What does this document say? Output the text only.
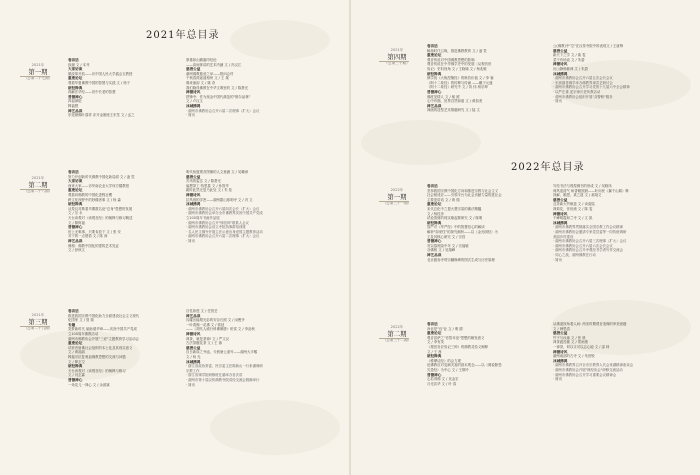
2021年总目录
2021年
第一期
（总第二十七期）
卷首语
致谢 文 / 本刊
大家访谈
做改革开放——访中国人民大学盛会玉教授
重要论坛
观看华夏佛教中国的智慧与实践 文 / 杨子
研经释典
再解法华经——初中长老的智慧
普德禅心
四祖禅院
释福慧
禅艺品读
东莞寮佛叶慕祥 亦开金刚座王东笙 文 / 孟之
厚重如山鹏迦印经论
——高间掌讲的艺术内涵 文 / 冯汉江
慈善公益
湖州佛教慈爱之举——慰问会村
干秋春湾遥遥相州 文 / 王 晟
佛来童韵 文 / 姚 奇
我们晓得佛教在中华文明里的 文 / 陈萧光
禅德诗风
铁锋寺：作为现金中国代典范的"都尔品林"
文 / 卢汉文
冰城拂鸿
· 湖州市佛教协会召开六届二次理事（扩大）会议
· 简讯
2021年
第二期
（总第二十八期）
卷首语
努力开创新时代佛教中国化新局面 文 / 凌 觉
大家访谈
西来大家——访华南农业大学何方耀教授
重要论坛
观看向佛教的中国化进程社稷
跨文化视野中的妙臻者事 文 / 杨 森
研经释典
从梵汉对勘看早期数名论"总身"思想的发展
文 / 宗 永
天台读观对《读观音经》的阐释与修习概述
文 / 释阿福
普德禅心
世上无难事，只要肯放下 文 / 张 安
对于的一点感悟 文 / 陈 涛
禅艺品读
佛相：佛教中国化的建筑艺术见证
文 / 彭秋文
明代鱼篮观音图像的人文意涵 文 / 吴曦涛
慈善公益
苏讯的姿态 文 / 陈萧光
偏想茶工·待思慕 文 / 孙智华
跳时此然无复乃此处 文 / 朱 桂
禅德诗风
拉风现的洋密——湖州霍山寒明寺 文 / 冯 文
冰城拂鸿
· 湖州市佛教协会召开六届四次会长（扩大）会议
· 湖州市佛教协会举办全市佛教界庆祝中国共产党成
立100周年书画作品展
· 湖州市佛教协会召开"铸信仰"联系人会议
· 湖州市佛教协会设立寺院执事群培训班
· 名人民文佛寺开展主法示意出身爱国主题教育活动
· 湖州市佛教协会召开六届二次理事（扩大）会议
· 简讯
2021年
第三期
（总第二十九期）
卷首语
推进我国宗教中国化助力全面建设社会主义现代
化国家 文 / 管 瑞
专题
笑梦新时代 砥砺谱华章——庆祝中国共产党成
立100周年佛教活动
湖州市佛教协会开展"三爱"主题教育学习活动会
重要论坛
试析晋唐佛社会组织的本土化及其现实意义
文 / 黄福丽
释迦宗抗复奥祖佛教思想的交流与问题
文 / 释玄空
研经释典
天台读观对《读观音经》的阐释与修习
文 / 闫玄霖
普德禅心
一朵花儿一禅心 文 / 余滨斌
自性如莲 文 / 任管芸
禅艺品读
闪耀出能增光彩的安臣石照 文 / 闵俊爷
一叶看佛一花佛 文 / 郭延
——《胡代人威行科佛像册》析赏 文 / 李品秋
禅德诗风
禅茶，就是茶禅! 文 / 严文汉
古法茶酿花茶 文 / 王 蓉
慈善公益
自日新岗之寺庙，今晨斋公道号——湖州大平喉
文 / 杨 光
冰城拂鸿
· 浙江省政协常委、民宗委主任陈新山一行来湖调研
宗教工作
· 浙江省律学院研修班在湖举办首次讲
· 湖州市第十届汉传佛教寺院讲经交流会圆满举行
· 简讯
2021年
第四期
（总第三十期）
卷首语
畅扬时代召唤，推进佛教教育 文 / 凌 觉
重要论坛
观音传说对中国佛教思想的影响
观音传说在中华佛学史中的发展（从观音世
验记）史料视角 文 / 王晓瑜 文 / 杨兆敏
研经释典
律学视《大般涅槃经》的般若价值 文 / 李 蓉
《阿十二象经》的传释与传诵 ——戴子元盛
《阿十二象经》研究中 文 / 刘 伟 杨宗坤
普德禅心
佛度见情人 文 / 郁 照
心中有佛，世界自然和谐 文 / 黄如美
禅艺品读
禅画的造型艺术情趣研究 文 / 陆 文
公(佛教)中"空"在汉传寺院中的表现文 / 王唐锋
慈善公益
新天下之学 文 / 曲 雯
菜干有场直 文 / 朱碧
禅德诗风
历山静佛修禅 文 / 朱碧
冰城拂鸿
· 湖州市佛教协会召开六届五次会长会议
· 东滨慈善佛学举办佛教界禅武艺研讨会
· 湖州市佛教协会召开学习党的十九届六中全会精神
· 以严庄重 逆宗师长老传教活动
· 湖州市佛教协会组织开展"双警修"服务
· 简讯
2022年总目录
2022年
第一期
（总第三十一期）
卷首语
坚持我国宗教中国化方向和推进宗教与社会主义
社会相适应——引领平台为社会贡献力量的进社会
主要更讲话 文 / 黄 瑞
重要论坛
宋代总化中之提大慧宗杲的佛法精髓
文 / 杨桂彦
试论善财的现实缘起要研究 文 / 陈明
研经释典
智严对《华严经》中的智慧信心的解读
解析"如来性"的探究阐析——以《金光明经》为
主及其核心研究 文 / 宗昌
普德禅心
勿以慕贵隐中年 文 / 宗福敏
谷佛相 文 / 吴翔峰
禅艺品读
北京慈寿寺塔宗翻修碑的图式生成与历史原理
写经书法与敦煌佛书的形成 文 / 吴晓玮
荷风迎清气 和香暖照晨——叶向民《翼千山翁》释
视解，顺思，真之道 文 / 郝翊文
慈善公益
且异新大贸赋盖 文 / 谈莫铭
禅菊花，伴世流 文 / 陈 雯
禅德诗风
千峰明霞和兰寺 文 / 文 凯
冰城拂鸿
· 湖州市佛教界贯彻落实全国宗教工作会议精神
· 湖州市佛教协会邀请专家党员委等一同传统调研
美丽乡村建设
· 湖州市佛教协会召开六届三次理事（扩大）会议
· 湖州市佛教协会召开六届六次会长会议
· 湖州市佛教协会召开寺观经书学者写作交流会
· 同心之战，湖州佛教在行动
· 简讯
2022年
第二期
（总第三十二期）
卷首语
净业是"良"业 文 / 明 德
重要论坛
观音菩萨之"音智耳论"思想的阐发意义
文 / 李有茂
《观世音应验记三种》的佛教灵验义阐释
文 / 王 茜
研经释典
《维摩诘经》的会力观
论佛教应对变病灾害的基本观念——以《佛说除恐
灾患经》为中心 文 / 王倩玲
普德禅心
心若得佛 文 / 吴金宏
月光宾华 文 / 叶 春
从佛道视角看人间: 两宋时期观音造像的审美意趣
文 / 韩思清
慈善公益
竹子与孩童 文 / 张 晨
禅茶渡苦廊 文 / 郑雨康
一禅茶，何以又可以忘心地 文 / 邵 林
禅德诗风
湖州南部的古寺 文 / 朱世锐
冰城拂鸿
· 湖州市佛教界召开全市宗教界人代会来湖精神座谈会
· 湖州市佛教协会开展"修经协会"研修交流活动
· 湖州市佛教协会召开学习重要会议精神会
· 简讯
